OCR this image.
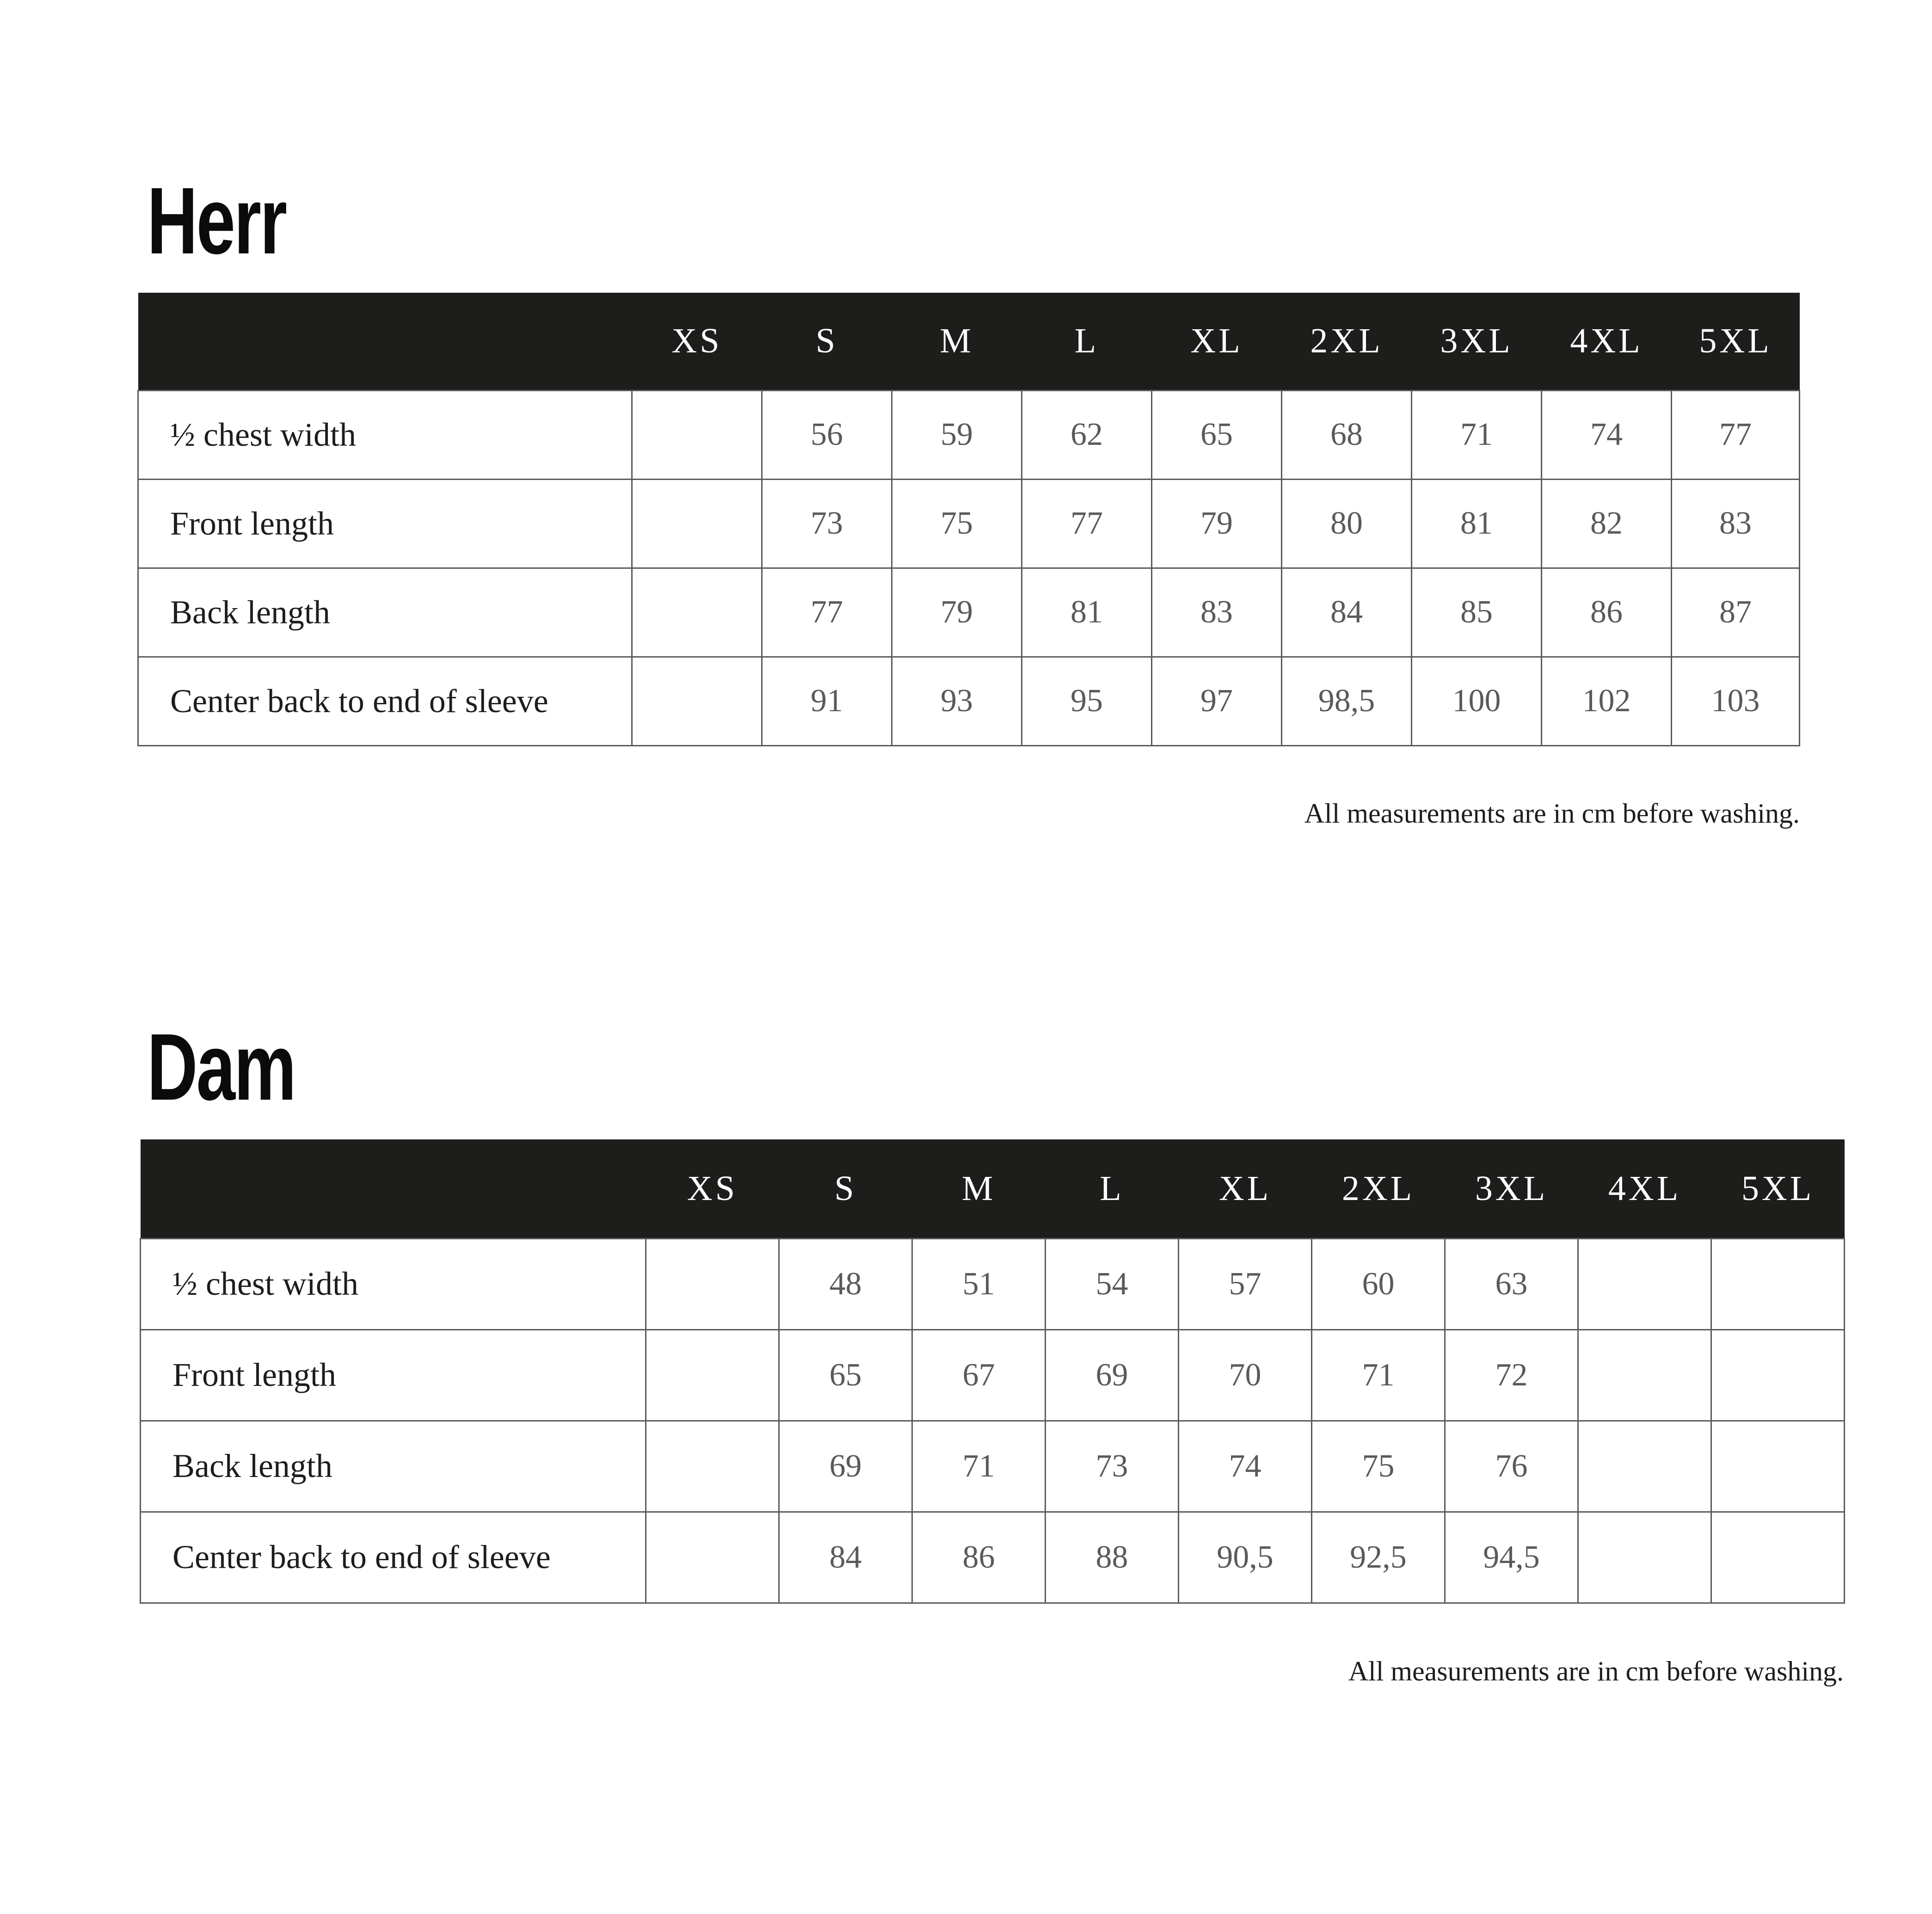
Herr
	XS	S	M	L	XL	2XL	3XL	4XL	5XL
½ chest width		56	59	62	65	68	71	74	77
Front length		73	75	77	79	80	81	82	83
Back length		77	79	81	83	84	85	86	87
Center back to end of sleeve		91	93	95	97	98,5	100	102	103

All measurements are in cm before washing.

Dam
	XS	S	M	L	XL	2XL	3XL	4XL	5XL
½ chest width		48	51	54	57	60	63		
Front length		65	67	69	70	71	72		
Back length		69	71	73	74	75	76		
Center back to end of sleeve		84	86	88	90,5	92,5	94,5		

All measurements are in cm before washing.
